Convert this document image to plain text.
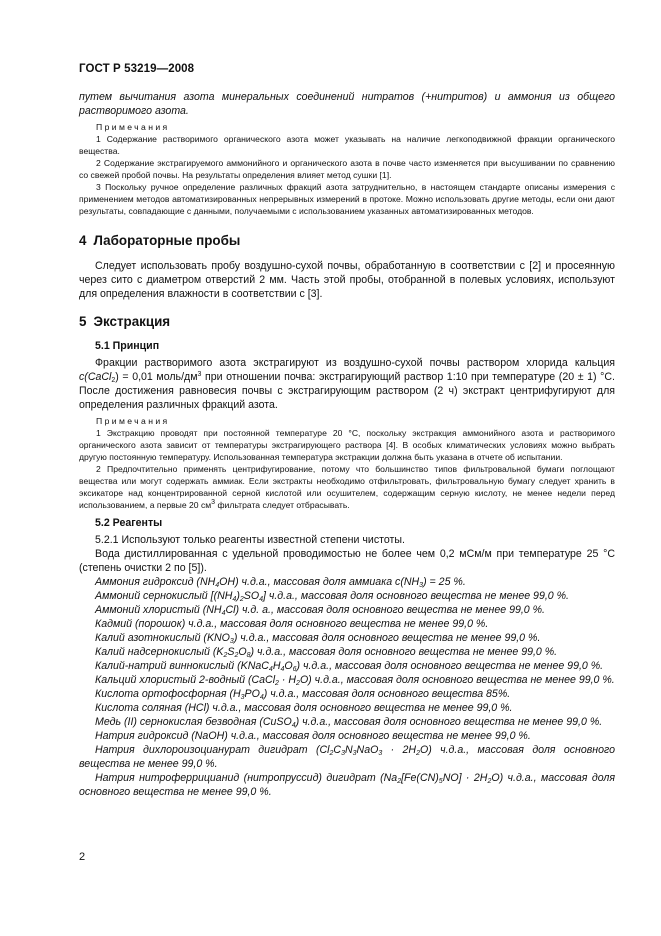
ГОСТ Р 53219—2008

путем вычитания азота минеральных соединений нитратов (+нитритов) и аммония из общего растворимого азота.

Примечания

1 Содержание растворимого органического азота может указывать на наличие легкоподвижной фракции органического вещества.

2 Содержание экстрагируемого аммонийного и органического азота в почве часто изменяется при высушивании по сравнению со свежей пробой почвы. На результаты определения влияет метод сушки [1].

3 Поскольку ручное определение различных фракций азота затруднительно, в настоящем стандарте описаны измерения с применением методов автоматизированных непрерывных измерений в протоке. Можно использовать другие методы, если они дают результаты, совпадающие с данными, получаемыми с использованием указанных автоматизированных методов.

4 Лабораторные пробы

Следует использовать пробу воздушно-сухой почвы, обработанную в соответствии с [2] и просеянную через сито с диаметром отверстий 2 мм. Часть этой пробы, отобранной в полевых условиях, используют для определения влажности в соответствии с [3].

5 Экстракция
5.1 Принцип

Фракции растворимого азота экстрагируют из воздушно-сухой почвы раствором хлорида кальция c(CaCl$_2$) = 0,01 моль/$дм^3$ при отношении почва: экстрагирующий раствор 1:10 при температуре (20 ± 1) °С. После достижения равновесия почвы с экстрагирующим раствором (2 ч) экстракт центрифугируют для определения различных фракций азота.

Примечания

1 Экстракцию проводят при постоянной температуре 20 °С, поскольку экстракция аммонийного азота и растворимого органического азота зависит от температуры экстрагирующего раствора [4]. В особых климатических условиях можно выбрать другую постоянную температуру. Использованная температура экстракции должна быть указана в отчете об испытании.

2 Предпочтительно применять центрифугирование, потому что большинство типов фильтровальной бумаги поглощают вещества или могут содержать аммиак. Если экстракты необходимо отфильтровать, фильтровальную бумагу следует хранить в эксикаторе над концентрированной серной кислотой или осушителем, содержащим серную кислоту, не менее недели перед использованием, а первые 20 $см^3$ фильтрата следует отбрасывать.

5.2 Реагенты

5.2.1 Используют только реагенты известной степени чистоты.

Вода дистиллированная с удельной проводимостью не более чем 0,2 мСм/м при температуре 25 °С (степень очистки 2 по [5]).

Аммония гидроксид $(NH_4OH)$ ч.д.а., массовая доля аммиака $c(NH_3) = 25$ %.

Аммоний сернокислый $[(NH_4)_2SO_4]$ ч.д.а., массовая доля основного вещества не менее 99,0 %.

Аммоний хлористый $(NH_4Cl)$ ч.д. а., массовая доля основного вещества не менее 99,0 %.

Кадмий (порошок) ч.д.а., массовая доля основного вещества не менее 99,0 %.

Калий азотнокислый $(KNO_3)$ ч.д.а., массовая доля основного вещества не менее 99,0 %.

Калий надсернокислый $(K_2S_2O_8)$ ч.д.а., массовая доля основного вещества не менее 99,0 %.

Калий-натрий виннокислый $(KNaC_4H_4O_6)$ ч.д.а., массовая доля основного вещества не менее 99,0 %.

Кальций хлористый 2-водный (CaCl$_2$ · $H_2O$) ч.д.а., массовая доля основного вещества не менее 99,0 %.

Кислота ортофосфорная $(H_3PO_4)$ ч.д.а., массовая доля основного вещества 85%.

Кислота соляная (HCl) ч.д.а., массовая доля основного вещества не менее 99,0 %.

Медь (II) сернокислая безводная (CuSO$_4$) ч.д.а., массовая доля основного вещества не менее 99,0 %.

Натрия гидроксид (NaOH) ч.д.а., массовая доля основного вещества не менее 99,0 %.

Натрия дихлороизоцианурат дигидрат $(Cl_2C_3N_3NaO_3 \cdot 2H_2O)$ ч.д.а., массовая доля основного вещества не менее 99,0 %.

Натрия нитроферрицианид (нитропруссид) дигидрат $(Na_2[Fe(CN)_5NO] \cdot 2H_2O)$ ч.д.а., массовая доля основного вещества не менее 99,0 %.

2
